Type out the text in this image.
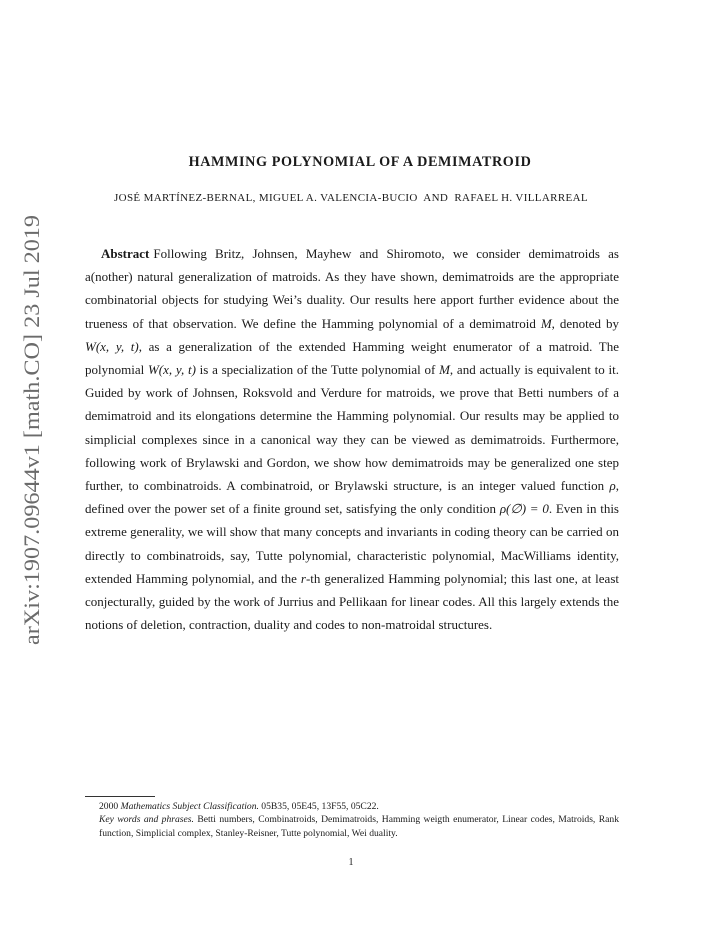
arXiv:1907.09644v1 [math.CO] 23 Jul 2019
HAMMING POLYNOMIAL OF A DEMIMATROID
JOSÉ MARTÍNEZ-BERNAL, MIGUEL A. VALENCIA-BUCIO  AND  RAFAEL H. VILLARREAL
Abstract Following Britz, Johnsen, Mayhew and Shiromoto, we consider demimatroids as a(nother) natural generalization of matroids. As they have shown, demimatroids are the appropriate combinatorial objects for studying Wei’s duality. Our results here apport further evidence about the trueness of that observation. We define the Hamming polynomial of a demimatroid M, denoted by W(x, y, t), as a generalization of the extended Hamming weight enumerator of a matroid. The polynomial W(x, y, t) is a specialization of the Tutte polynomial of M, and actually is equivalent to it. Guided by work of Johnsen, Roksvold and Verdure for matroids, we prove that Betti numbers of a demimatroid and its elongations determine the Hamming polynomial. Our results may be applied to simplicial complexes since in a canonical way they can be viewed as demimatroids. Furthermore, following work of Brylawski and Gordon, we show how demimatroids may be generalized one step further, to combinatroids. A combinatroid, or Brylawski structure, is an integer valued function ρ, defined over the power set of a finite ground set, satisfying the only condition ρ(∅) = 0. Even in this extreme generality, we will show that many concepts and invariants in coding theory can be carried on directly to combinatroids, say, Tutte polynomial, characteristic polynomial, MacWilliams identity, extended Hamming polynomial, and the r-th generalized Hamming polynomial; this last one, at least conjecturally, guided by the work of Jurrius and Pellikaan for linear codes. All this largely extends the notions of deletion, contraction, duality and codes to non-matroidal structures.
2000 Mathematics Subject Classification. 05B35, 05E45, 13F55, 05C22.
Key words and phrases. Betti numbers, Combinatroids, Demimatroids, Hamming weigth enumerator, Linear codes, Matroids, Rank function, Simplicial complex, Stanley-Reisner, Tutte polynomial, Wei duality.
1
